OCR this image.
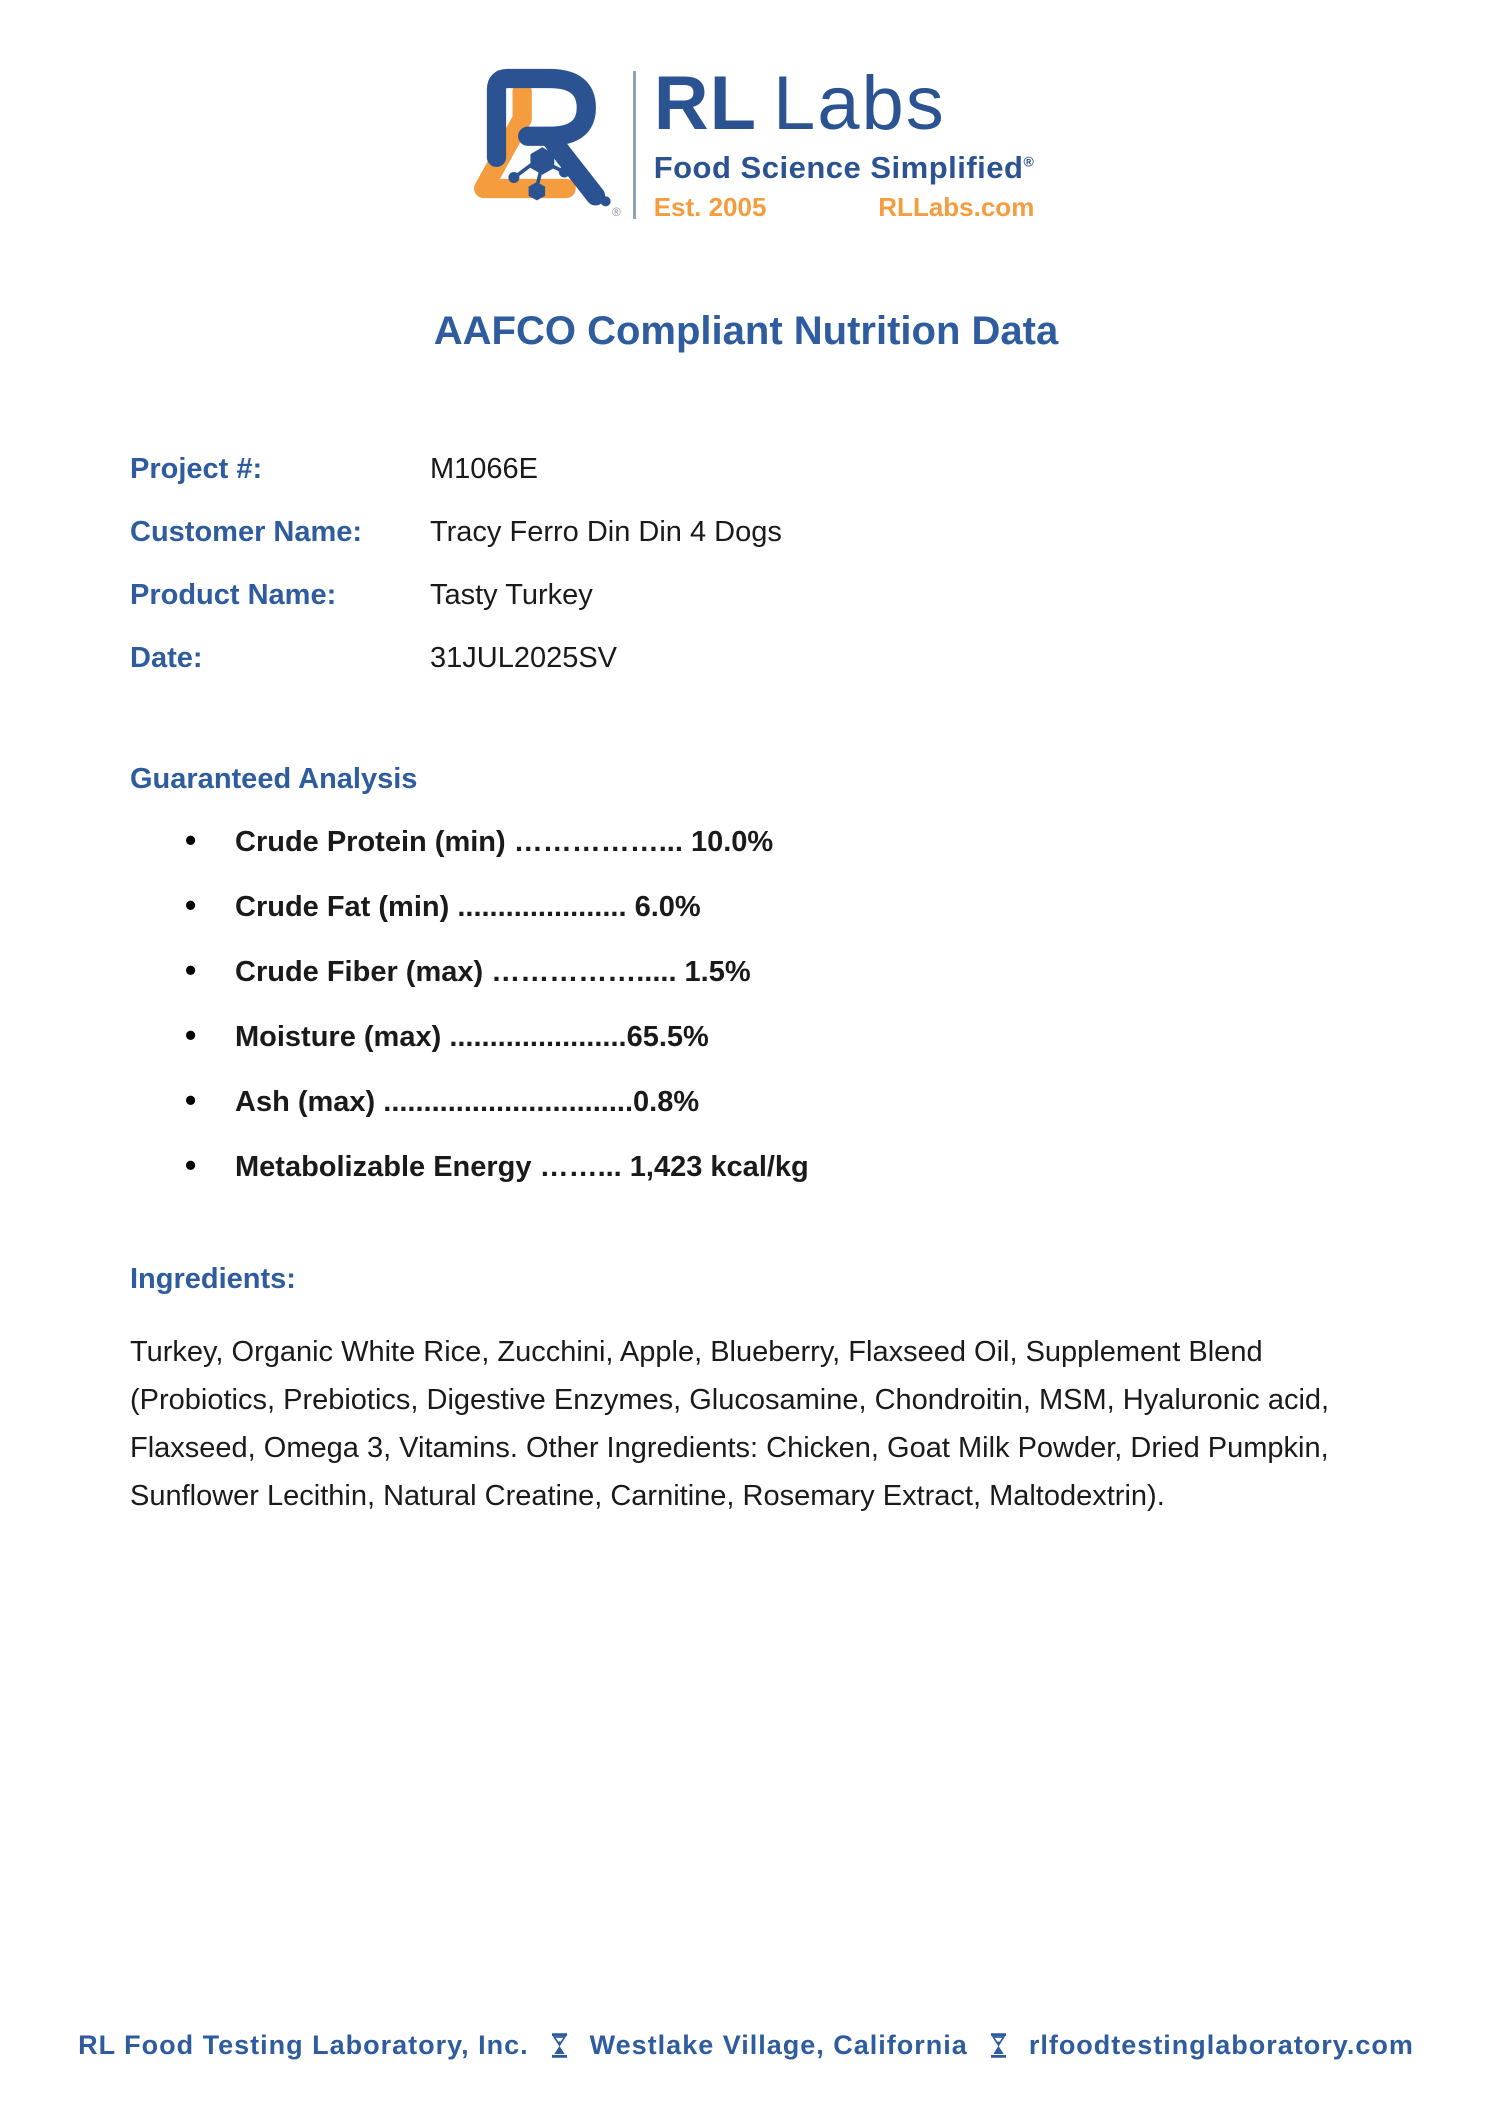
®
RL Labs
Food Science Simplified®
Est. 2005	RLLabs.com
AAFCO Compliant Nutrition Data
Project #:	M1066E
Customer Name:	Tracy Ferro Din Din 4 Dogs
Product Name:	Tasty Turkey
Date:	31JUL2025SV
Guaranteed Analysis
• Crude Protein (min) ……………... 10.0%
• Crude Fat (min) ..................... 6.0%
• Crude Fiber (max) ……………..... 1.5%
• Moisture (max) ......................65.5%
• Ash (max) ...............................0.8%
• Metabolizable Energy ……... 1,423 kcal/kg
Ingredients:

Turkey, Organic White Rice, Zucchini, Apple, Blueberry, Flaxseed Oil, Supplement Blend (Probiotics, Prebiotics, Digestive Enzymes, Glucosamine, Chondroitin, MSM, Hyaluronic acid, Flaxseed, Omega 3, Vitamins. Other Ingredients: Chicken, Goat Milk Powder, Dried Pumpkin, Sunflower Lecithin, Natural Creatine, Carnitine, Rosemary Extract, Maltodextrin).

RL Food Testing Laboratory, Inc. Westlake Village, California rlfoodtestinglaboratory.com
